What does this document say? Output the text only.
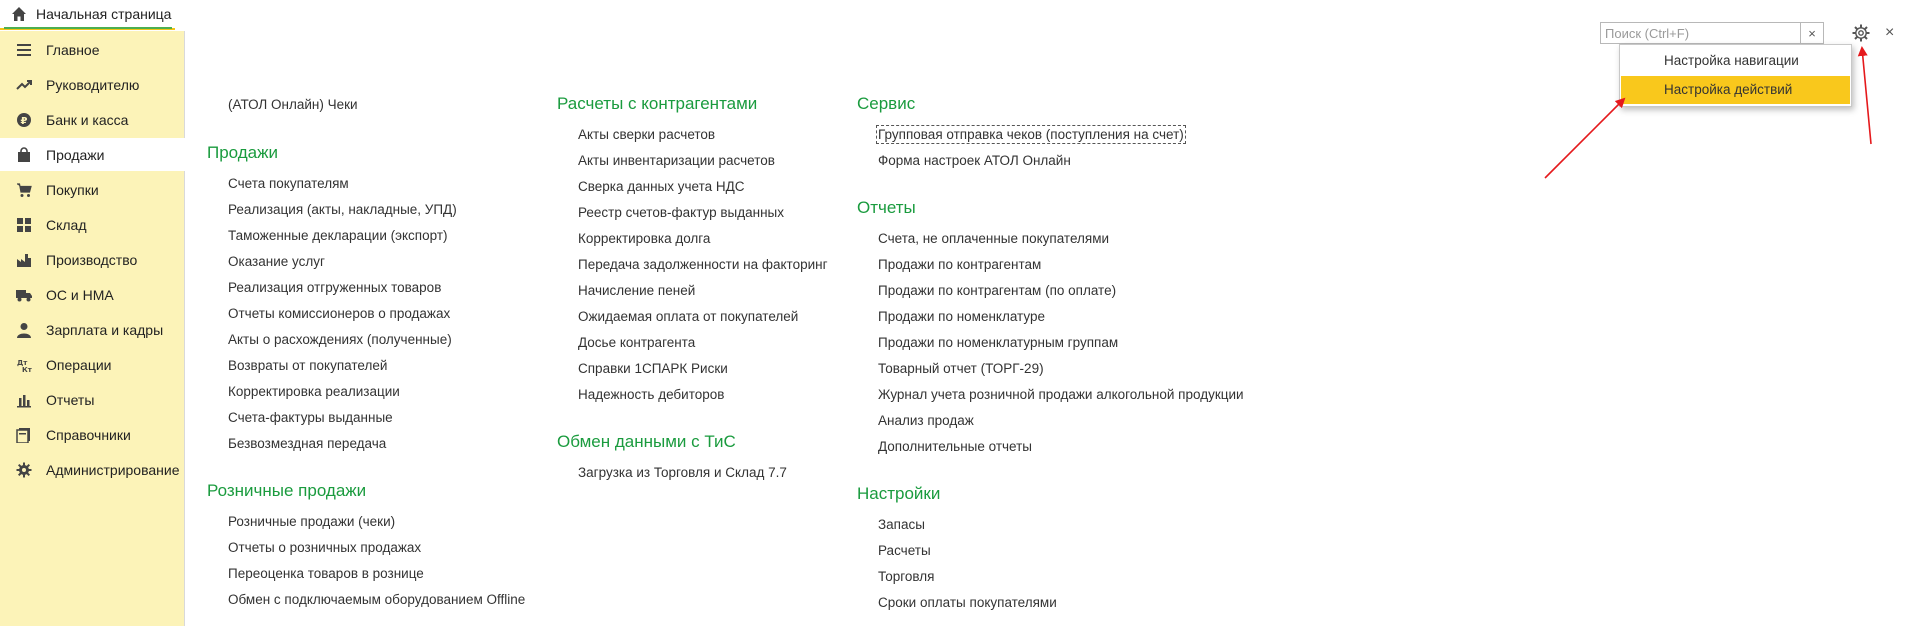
Начальная страница
Главное
Руководителю
₽ Банк и касса
Продажи
Покупки
Склад
Производство
ОС и НМА
Зарплата и кадры
Дт
Кт Операции
Отчеты
Справочники
Администрирование
(АТОЛ Онлайн) Чеки
Продажи
Счета покупателям
Реализация (акты, накладные, УПД)
Таможенные декларации (экспорт)
Оказание услуг
Реализация отгруженных товаров
Отчеты комиссионеров о продажах
Акты о расхождениях (полученные)
Возвраты от покупателей
Корректировка реализации
Счета-фактуры выданные
Безвозмездная передача
Розничные продажи
Розничные продажи (чеки)
Отчеты о розничных продажах
Переоценка товаров в рознице
Обмен с подключаемым оборудованием Offline
Расчеты с контрагентами
Акты сверки расчетов
Акты инвентаризации расчетов
Сверка данных учета НДС
Реестр счетов-фактур выданных
Корректировка долга
Передача задолженности на факторинг
Начисление пеней
Ожидаемая оплата от покупателей
Досье контрагента
Справки 1СПАРК Риски
Надежность дебиторов
Обмен данными с ТиС
Загрузка из Торговля и Склад 7.7
Сервис
Групповая отправка чеков (поступления на счет)
Форма настроек АТОЛ Онлайн
Отчеты
Счета, не оплаченные покупателями
Продажи по контрагентам
Продажи по контрагентам (по оплате)
Продажи по номенклатуре
Продажи по номенклатурным группам
Товарный отчет (ТОРГ-29)
Журнал учета розничной продажи алкогольной продукции
Анализ продаж
Дополнительные отчеты
Настройки
Запасы
Расчеты
Торговля
Сроки оплаты покупателями
Поиск (Ctrl+F)	×	×
Настройка навигации
Настройка действий
